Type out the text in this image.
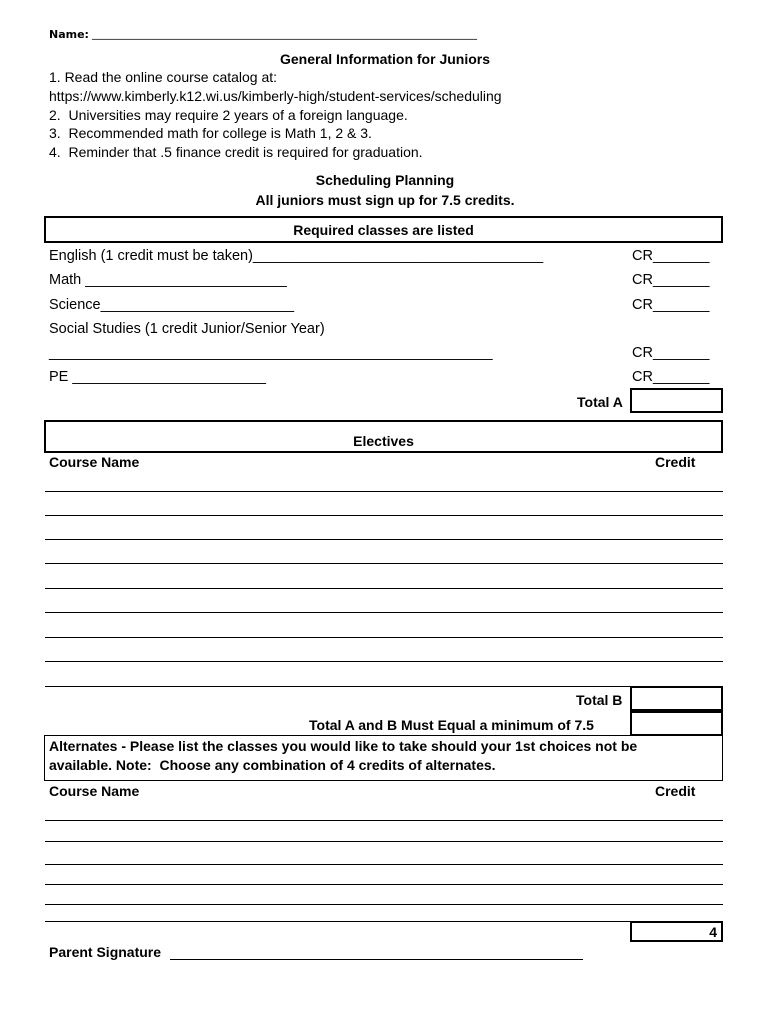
Name: ______________________________________________________________________
General Information for Juniors
1. Read the online course catalog at:
https://www.kimberly.k12.wi.us/kimberly-high/student-services/scheduling
2.  Universities may require 2 years of a foreign language.
3.  Recommended math for college is Math 1, 2 & 3.
4.  Reminder that .5 finance credit is required for graduation.
Scheduling Planning
All juniors must sign up for 7.5 credits.
Required classes are listed
English (1 credit must be taken)____________________________________	CR_______
Math _________________________	CR_______
Science________________________	CR_______
Social Studies (1 credit Junior/Senior Year)
_______________________________________________________	CR_______
PE ________________________	CR_______
Total A
Electives
Course Name	Credit
Total B
Total A and B Must Equal a minimum of 7.5
Alternates - Please list the classes you would like to take should your 1st choices not be
available. Note:  Choose any combination of 4 credits of alternates.
Course Name	Credit
4
Parent Signature
